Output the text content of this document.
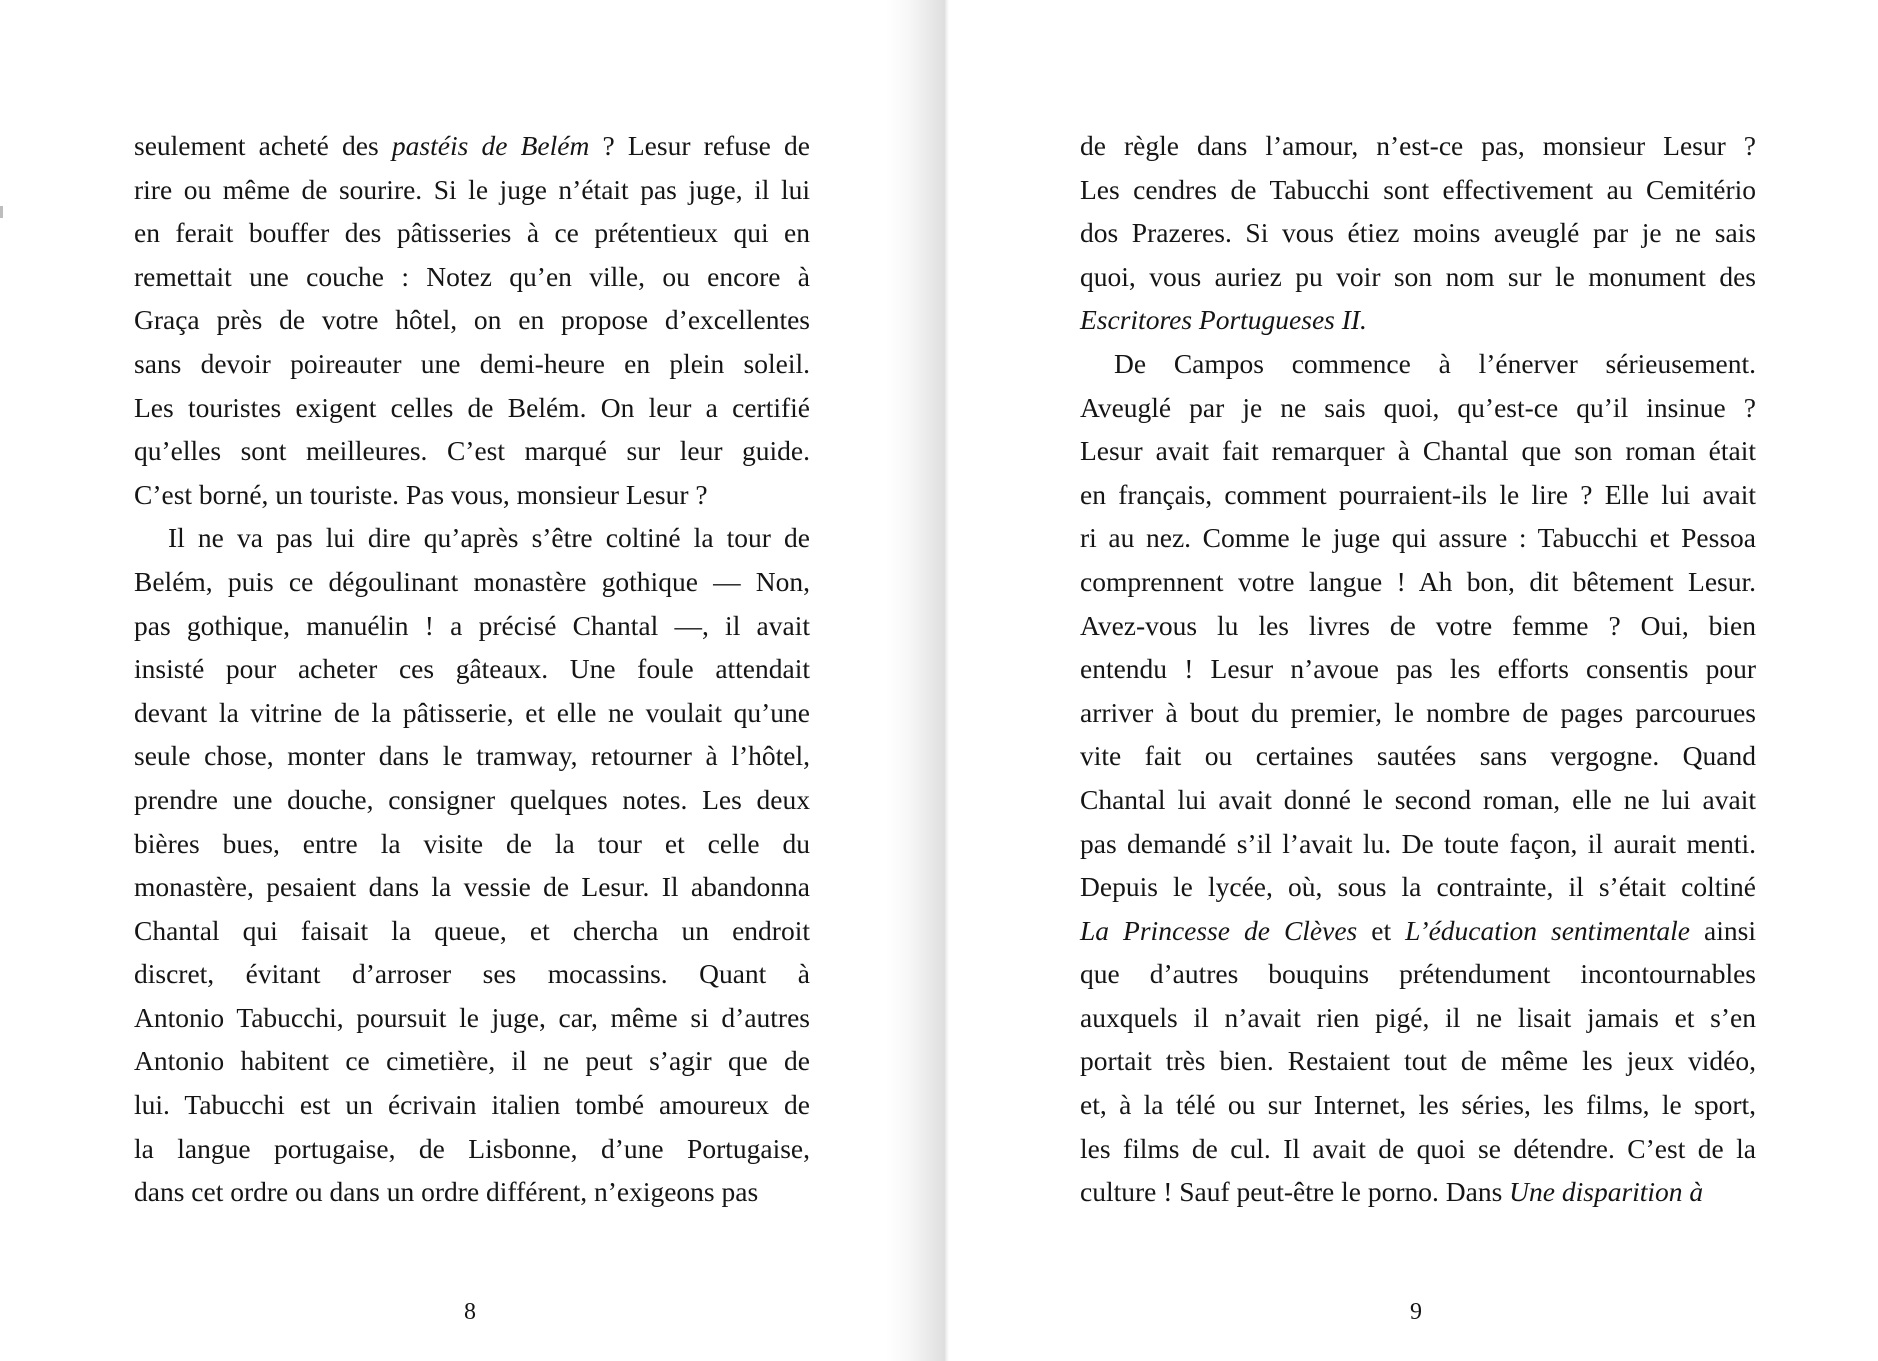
seulement acheté des pastéis de Belém ? Lesur refuse de
rire ou même de sourire. Si le juge n’était pas juge, il lui
en ferait bouffer des pâtisseries à ce prétentieux qui en
remettait une couche : Notez qu’en ville, ou encore à
Graça près de votre hôtel, on en propose d’excellentes
sans devoir poireauter une demi-heure en plein soleil.
Les touristes exigent celles de Belém. On leur a certifié
qu’elles sont meilleures. C’est marqué sur leur guide.
C’est borné, un touriste. Pas vous, monsieur Lesur ?
Il ne va pas lui dire qu’après s’être coltiné la tour de
Belém, puis ce dégoulinant monastère gothique — Non,
pas gothique, manuélin ! a précisé Chantal —, il avait
insisté pour acheter ces gâteaux. Une foule attendait
devant la vitrine de la pâtisserie, et elle ne voulait qu’une
seule chose, monter dans le tramway, retourner à l’hôtel,
prendre une douche, consigner quelques notes. Les deux
bières bues, entre la visite de la tour et celle du
monastère, pesaient dans la vessie de Lesur. Il abandonna
Chantal qui faisait la queue, et chercha un endroit
discret, évitant d’arroser ses mocassins. Quant à
Antonio Tabucchi, poursuit le juge, car, même si d’autres
Antonio habitent ce cimetière, il ne peut s’agir que de
lui. Tabucchi est un écrivain italien tombé amoureux de
la langue portugaise, de Lisbonne, d’une Portugaise,
dans cet ordre ou dans un ordre différent, n’exigeons pas
8
de règle dans l’amour, n’est-ce pas, monsieur Lesur ?
Les cendres de Tabucchi sont effectivement au Cemitério
dos Prazeres. Si vous étiez moins aveuglé par je ne sais
quoi, vous auriez pu voir son nom sur le monument des
Escritores Portugueses II.
De Campos commence à l’énerver sérieusement.
Aveuglé par je ne sais quoi, qu’est-ce qu’il insinue ?
Lesur avait fait remarquer à Chantal que son roman était
en français, comment pourraient-ils le lire ? Elle lui avait
ri au nez. Comme le juge qui assure : Tabucchi et Pessoa
comprennent votre langue ! Ah bon, dit bêtement Lesur.
Avez-vous lu les livres de votre femme ? Oui, bien
entendu ! Lesur n’avoue pas les efforts consentis pour
arriver à bout du premier, le nombre de pages parcourues
vite fait ou certaines sautées sans vergogne. Quand
Chantal lui avait donné le second roman, elle ne lui avait
pas demandé s’il l’avait lu. De toute façon, il aurait menti.
Depuis le lycée, où, sous la contrainte, il s’était coltiné
La Princesse de Clèves et L’éducation sentimentale ainsi
que d’autres bouquins prétendument incontournables
auxquels il n’avait rien pigé, il ne lisait jamais et s’en
portait très bien. Restaient tout de même les jeux vidéo,
et, à la télé ou sur Internet, les séries, les films, le sport,
les films de cul. Il avait de quoi se détendre. C’est de la
culture ! Sauf peut-être le porno. Dans Une disparition à
9
